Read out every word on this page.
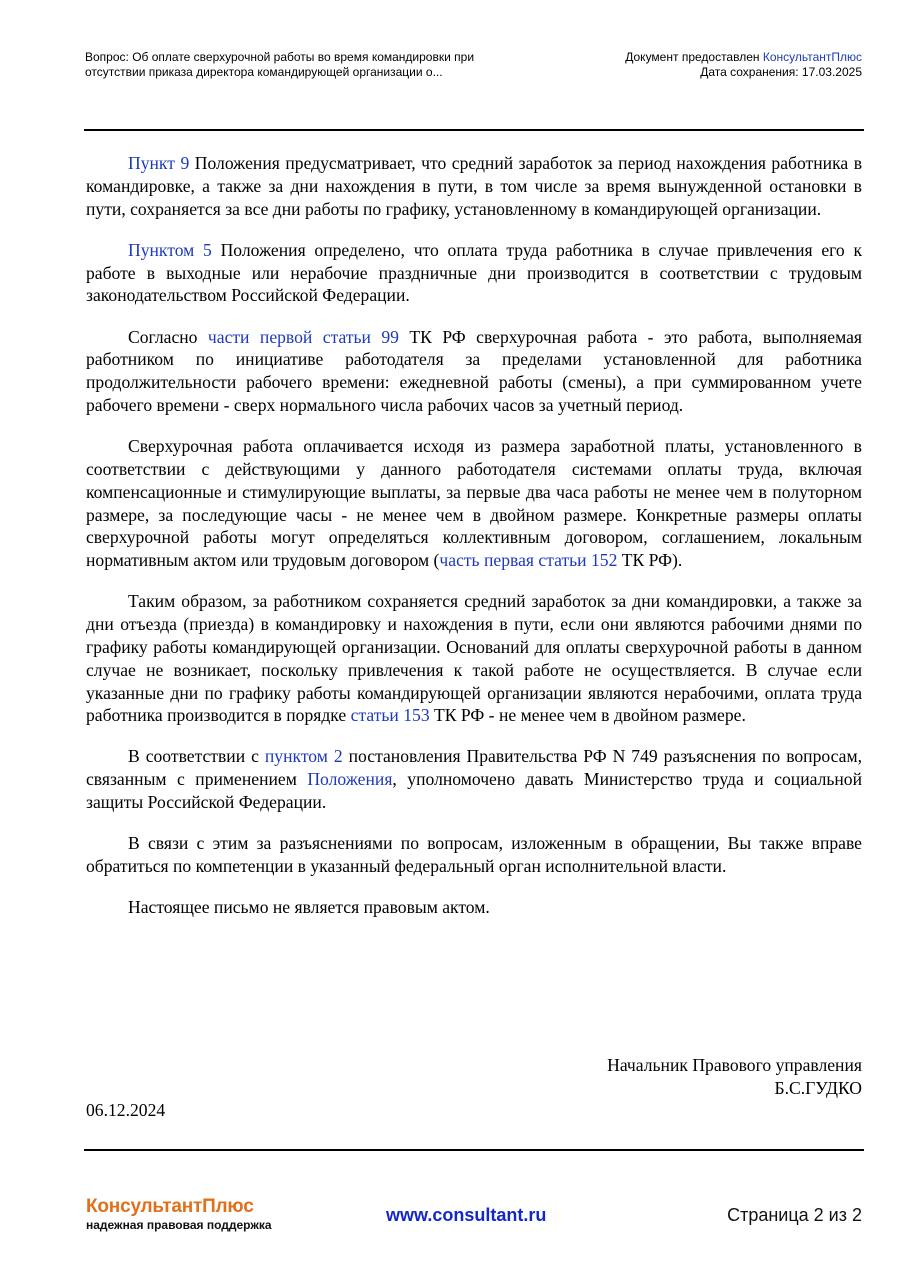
Вопрос: Об оплате сверхурочной работы во время командировки при
отсутствии приказа директора командирующей организации о...
Документ предоставлен КонсультантПлюс
Дата сохранения: 17.03.2025

Пункт 9 Положения предусматривает, что средний заработок за период нахождения работника в командировке, а также за дни нахождения в пути, в том числе за время вынужденной остановки в пути, сохраняется за все дни работы по графику, установленному в командирующей организации.

Пунктом 5 Положения определено, что оплата труда работника в случае привлечения его к работе в выходные или нерабочие праздничные дни производится в соответствии с трудовым законодательством Российской Федерации.

Согласно части первой статьи 99 ТК РФ сверхурочная работа - это работа, выполняемая работником по инициативе работодателя за пределами установленной для работника продолжительности рабочего времени: ежедневной работы (смены), а при суммированном учете рабочего времени - сверх нормального числа рабочих часов за учетный период.

Сверхурочная работа оплачивается исходя из размера заработной платы, установленного в соответствии с действующими у данного работодателя системами оплаты труда, включая компенсационные и стимулирующие выплаты, за первые два часа работы не менее чем в полуторном размере, за последующие часы - не менее чем в двойном размере. Конкретные размеры оплаты сверхурочной работы могут определяться коллективным договором, соглашением, локальным нормативным актом или трудовым договором (часть первая статьи 152 ТК РФ).

Таким образом, за работником сохраняется средний заработок за дни командировки, а также за дни отъезда (приезда) в командировку и нахождения в пути, если они являются рабочими днями по графику работы командирующей организации. Оснований для оплаты сверхурочной работы в данном случае не возникает, поскольку привлечения к такой работе не осуществляется. В случае если указанные дни по графику работы командирующей организации являются нерабочими, оплата труда работника производится в порядке статьи 153 ТК РФ - не менее чем в двойном размере.

В соответствии с пунктом 2 постановления Правительства РФ N 749 разъяснения по вопросам, связанным с применением Положения, уполномочено давать Министерство труда и социальной защиты Российской Федерации.

В связи с этим за разъяснениями по вопросам, изложенным в обращении, Вы также вправе обратиться по компетенции в указанный федеральный орган исполнительной власти.

Настоящее письмо не является правовым актом.

Начальник Правового управления
Б.С.ГУДКО
06.12.2024
КонсультантПлюс
надежная правовая поддержка	www.consultant.ru	Страница 2 из 2
